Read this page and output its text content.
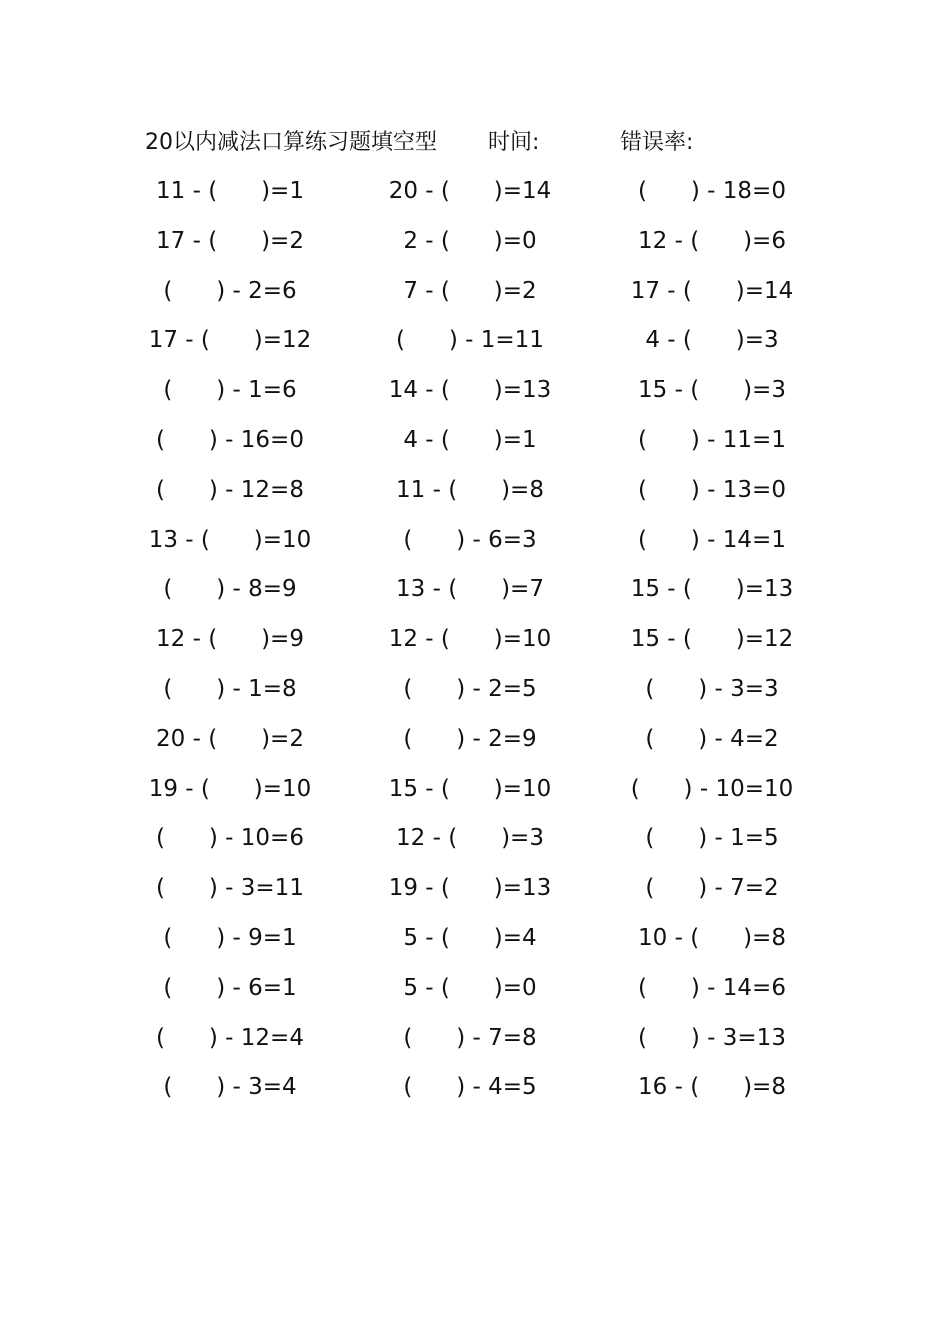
20以内减法口算练习题填空型 时间:	错误率:
11 - (      )=1	20 - (      )=14	(      ) - 18=0
17 - (      )=2	2 - (      )=0	12 - (      )=6
(      ) - 2=6	7 - (      )=2	17 - (      )=14
17 - (      )=12	(      ) - 1=11	4 - (      )=3
(      ) - 1=6	14 - (      )=13	15 - (      )=3
(      ) - 16=0	4 - (      )=1	(      ) - 11=1
(      ) - 12=8	11 - (      )=8	(      ) - 13=0
13 - (      )=10	(      ) - 6=3	(      ) - 14=1
(      ) - 8=9	13 - (      )=7	15 - (      )=13
12 - (      )=9	12 - (      )=10	15 - (      )=12
(      ) - 1=8	(      ) - 2=5	(      ) - 3=3
20 - (      )=2	(      ) - 2=9	(      ) - 4=2
19 - (      )=10	15 - (      )=10	(      ) - 10=10
(      ) - 10=6	12 - (      )=3	(      ) - 1=5
(      ) - 3=11	19 - (      )=13	(      ) - 7=2
(      ) - 9=1	5 - (      )=4	10 - (      )=8
(      ) - 6=1	5 - (      )=0	(      ) - 14=6
(      ) - 12=4	(      ) - 7=8	(      ) - 3=13
(      ) - 3=4	(      ) - 4=5	16 - (      )=8
